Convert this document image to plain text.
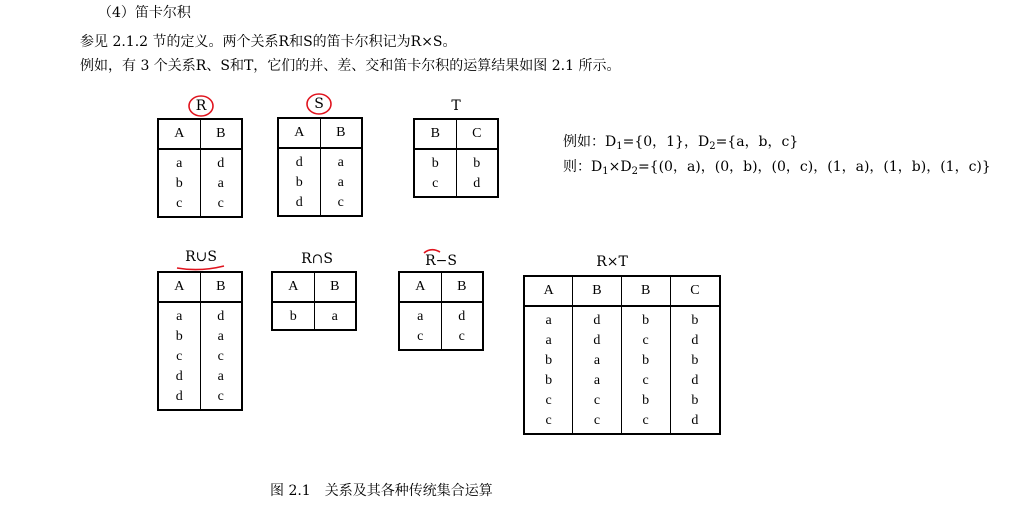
（4）笛卡尔积
参见 2.1.2 节的定义。两个关系R和S的笛卡尔积记为R×S。
例如，有 3 个关系R、S和T，它们的并、差、交和笛卡尔积的运算结果如图 2.1 所示。
R
A	B
a	d
b	a
c	c
S
A	B
d	a
b	a
d	c
T
B	C
b	b
c	d
例如：$D_1=\{0$，1}，$D_2=\{a$，b，c}
则：$D_1\times D_2=\{(0$，a)，(0，b)，(0，c)，(1，a)，(1，b)，(1，c)}
R∪S
A	B
a	d
b	a
c	c
d	a
d	c
R∩S
A	B
b	a
R−S
A	B
a	d
c	c
R×T
A	B	B	C
a	d	b	b
a	d	c	d
b	a	b	b
b	a	c	d
c	c	b	b
c	c	c	d
图 2.1　关系及其各种传统集合运算
